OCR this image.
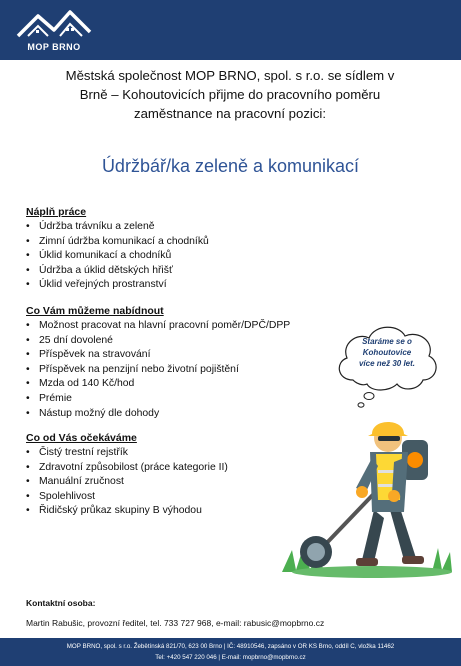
MOP BRNO
Městská společnost MOP BRNO, spol. s r.o. se sídlem v
Brně – Kohoutovicích přijme do pracovního poměru
zaměstnance na pracovní pozici:
Údržbář/ka zeleně a komunikací
Náplň práce
• Údržba trávníku a zeleně
• Zimní údržba komunikací a chodníků
• Úklid komunikací a chodníků
• Údržba a úklid dětských hřišť
• Úklid veřejných prostranství
Co Vám můžeme nabídnout
• Možnost pracovat na hlavní pracovní poměr/DPČ/DPP
• 25 dní dovolené
• Příspěvek na stravování
• Příspěvek na penzijní nebo životní pojištění
• Mzda od 140 Kč/hod
• Prémie
• Nástup možný dle dohody
Co od Vás očekáváme
• Čistý trestní rejstřík
• Zdravotní způsobilost (práce kategorie II)
• Manuální zručnost
• Spolehlivost
• Řidičský průkaz skupiny B výhodou
Staráme se o
Kohoutovice
více než 30 let.
Kontaktní osoba:
Martin Rabušic, provozní ředitel, tel. 733 727 968, e-mail: rabusic@mopbrno.cz
MOP BRNO, spol. s r.o. Žebětínská 821/70, 623 00 Brno | IČ: 48910546, zapsáno v OR KS Brno, oddíl C, vložka 11462
Tel: +420 547 220 046 | E-mail: mopbrno@mopbrno.cz
